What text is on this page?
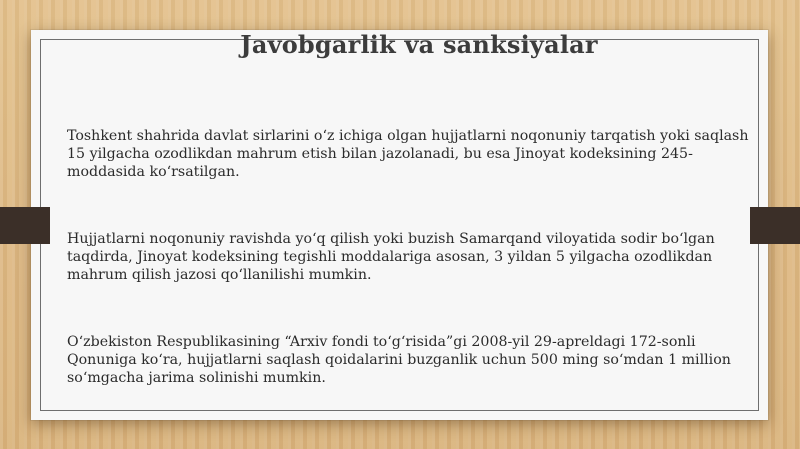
Javobgarlik va sanksiyalar
Toshkent shahrida davlat sirlarini o‘z ichiga olgan hujjatlarni noqonuniy tarqatish yoki saqlash 15 yilgacha ozodlikdan mahrum etish bilan jazolanadi, bu esa Jinoyat kodeksining 245-moddasida ko‘rsatilgan.
Hujjatlarni noqonuniy ravishda yo‘q qilish yoki buzish Samarqand viloyatida sodir bo‘lgan taqdirda, Jinoyat kodeksining tegishli moddalariga asosan, 3 yildan 5 yilgacha ozodlikdan mahrum qilish jazosi qo‘llanilishi mumkin.
O‘zbekiston Respublikasining “Arxiv fondi to‘g‘risida”gi 2008-yil 29-apreldagi 172-sonli Qonuniga ko‘ra, hujjatlarni saqlash qoidalarini buzganlik uchun 500 ming so‘mdan 1 million so‘mgacha jarima solinishi mumkin.
